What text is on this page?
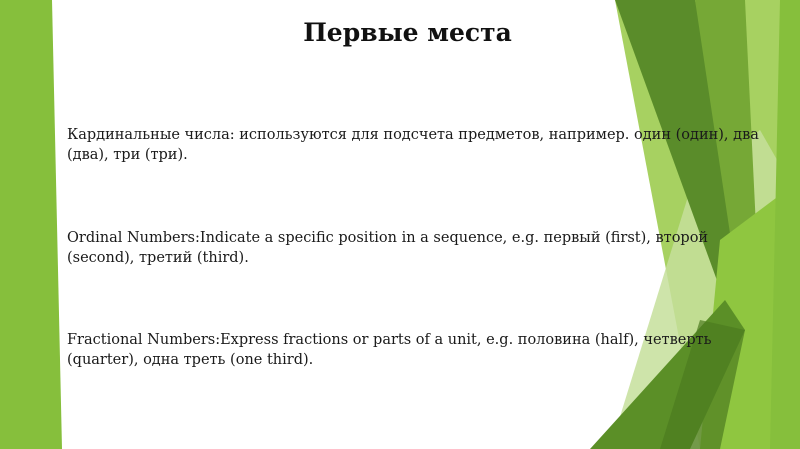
Первые места
Кардинальные числа: используются для подсчета предметов, например. один (один), два (два), три (три).
Ordinal Numbers:Indicate a specific position in a sequence, e.g. первый (first), второй (second), третий (third).
Fractional Numbers:Express fractions or parts of a unit, e.g. половина (half), четверть (quarter), одна треть (one third).
